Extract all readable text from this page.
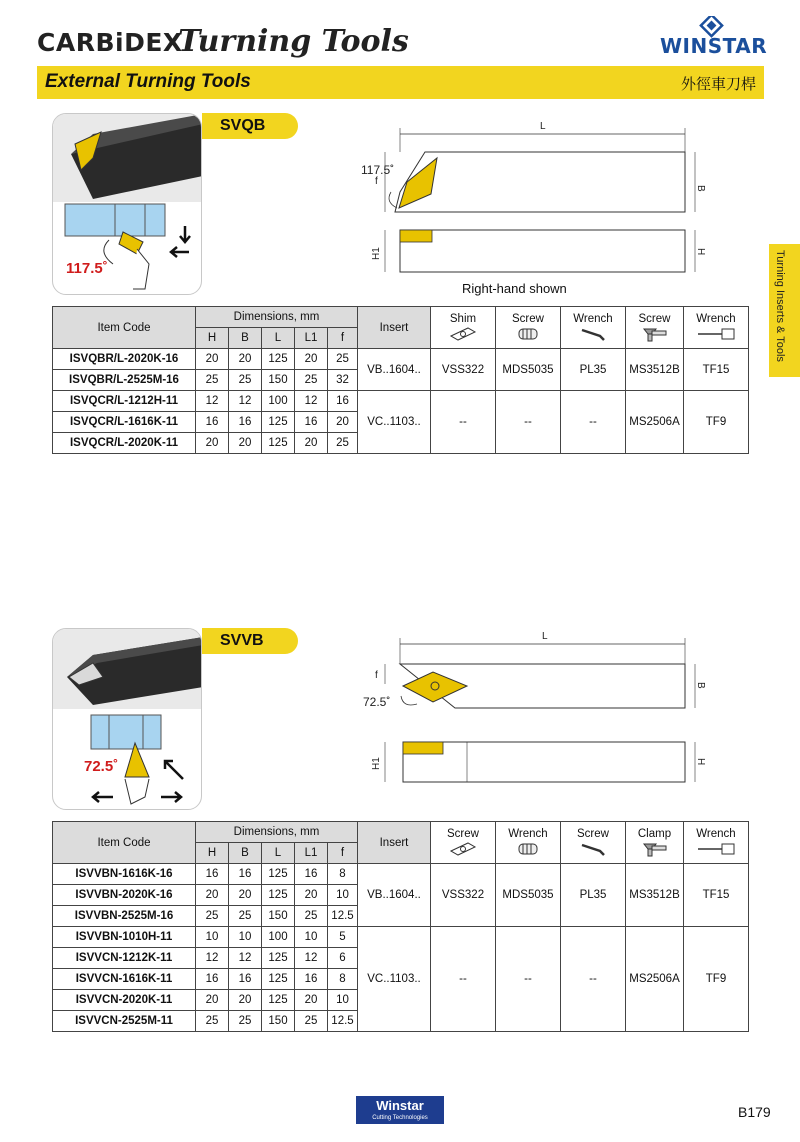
CARBiDEX
Turning Tools	WINSTAR
External Turning Tools	外徑車刀桿
Turning Inserts & Tools
SVQB
117.5˚
L
f
117.5˚
B
H
H1
Right-hand shown
Item Code	Dimensions, mm					Insert	Shim	Screw	Wrench	Screw	Wrench

	H	B	L	L1	f						
ISVQBR/L-2020K-16	20	20	125	20	25	VB..1604..	VSS322	MDS5035	PL35	MS3512B	TF15
ISVQBR/L-2525M-16	25	25	150	25	32						
ISVQCR/L-1212H-11	12	12	100	12	16	VC..1103..	--	--	--	MS2506A	TF9
ISVQCR/L-1616K-11	16	16	125	16	20						
ISVQCR/L-2020K-11	20	20	125	20	25						
SVVB
72.5˚
L
f
72.5˚
B
H
H1
Item Code	Dimensions, mm					Insert	Screw	Wrench	Screw	Clamp	Wrench

	H	B	L	L1	f						
ISVVBN-1616K-16	16	16	125	16	8	VB..1604..	VSS322	MDS5035	PL35	MS3512B	TF15
ISVVBN-2020K-16	20	20	125	20	10						
ISVVBN-2525M-16	25	25	150	25	12.5						
ISVVBN-1010H-11	10	10	100	10	5	VC..1103..	--	--	--	MS2506A	TF9
ISVVCN-1212K-11	12	12	125	12	6						
ISVVCN-1616K-11	16	16	125	16	8						
ISVVCN-2020K-11	20	20	125	20	10						
ISVVCN-2525M-11	25	25	150	25	12.5						
Winstar
Cutting Technologies	B179
